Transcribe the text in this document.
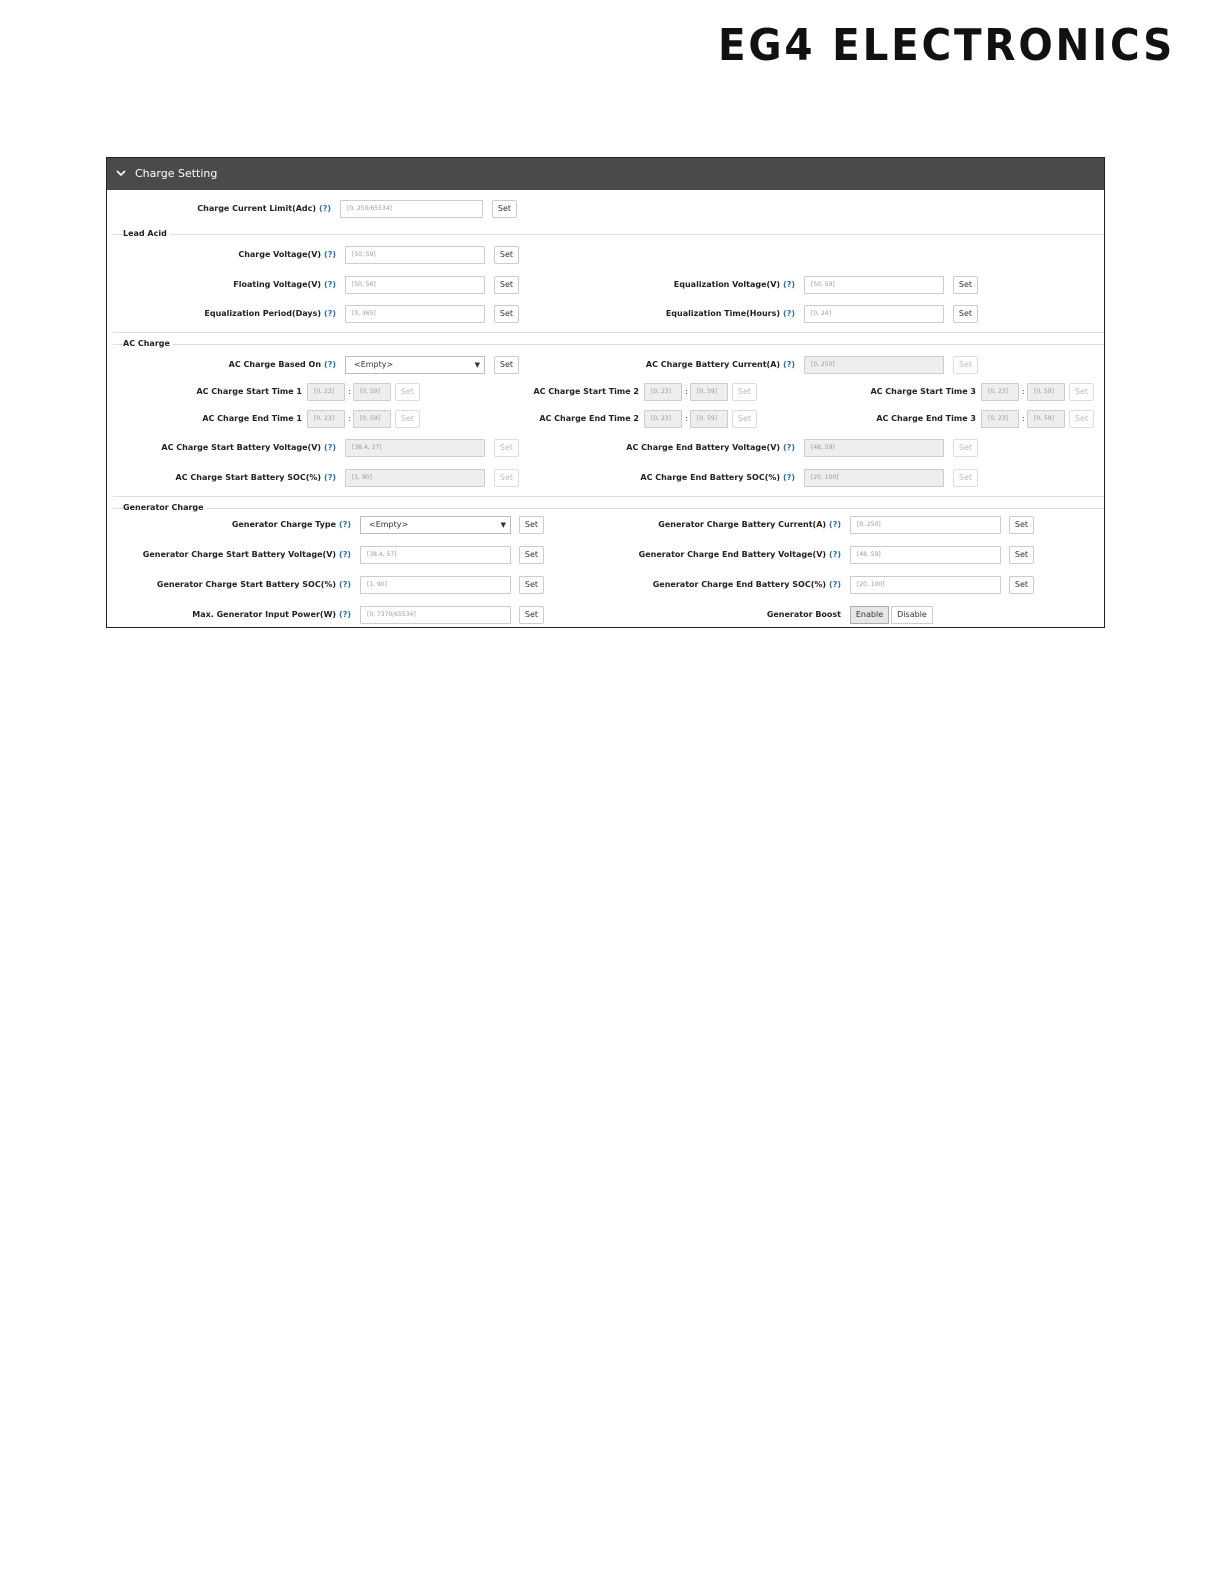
EG4 ELECTRONICS
Charge Setting
Charge Current Limit(Adc) (?)	[0, 250/65534]	Set
Lead Acid
Charge Voltage(V) (?)	[50, 59]	Set
Floating Voltage(V) (?)	[50, 56]	Set	Equalization Voltage(V) (?)	[50, 59]	Set
Equalization Period(Days) (?)	[0, 365]	Set	Equalization Time(Hours) (?)	[0, 24]	Set
AC Charge
AC Charge Based On (?)	<Empty>	▼	Set	AC Charge Battery Current(A) (?)	[0, 250]	Set
AC Charge Start Time 1	[0, 23]	:	[0, 59]	Set	AC Charge Start Time 2	[0, 23]	:	[0, 59]	Set	AC Charge Start Time 3	[0, 23]	:	[0, 59]	Set
AC Charge End Time 1	[0, 23]	:	[0, 59]	Set	AC Charge End Time 2	[0, 23]	:	[0, 59]	Set	AC Charge End Time 3	[0, 23]	:	[0, 59]	Set
AC Charge Start Battery Voltage(V) (?)	[38.4, 37]	Set	AC Charge End Battery Voltage(V) (?)	[48, 59]	Set
AC Charge Start Battery SOC(%) (?)	[1, 90]	Set	AC Charge End Battery SOC(%) (?)	[20, 100]	Set
Generator Charge
Generator Charge Type (?)	<Empty>	▼	Set	Generator Charge Battery Current(A) (?)	[0, 250]	Set
Generator Charge Start Battery Voltage(V) (?)	[38.4, 57]	Set	Generator Charge End Battery Voltage(V) (?)	[48, 59]	Set
Generator Charge Start Battery SOC(%) (?)	[1, 90]	Set	Generator Charge End Battery SOC(%) (?)	[20, 100]	Set
Max. Generator Input Power(W) (?)	[0, 7370/65534]	Set	Generator Boost	Enable	Disable
